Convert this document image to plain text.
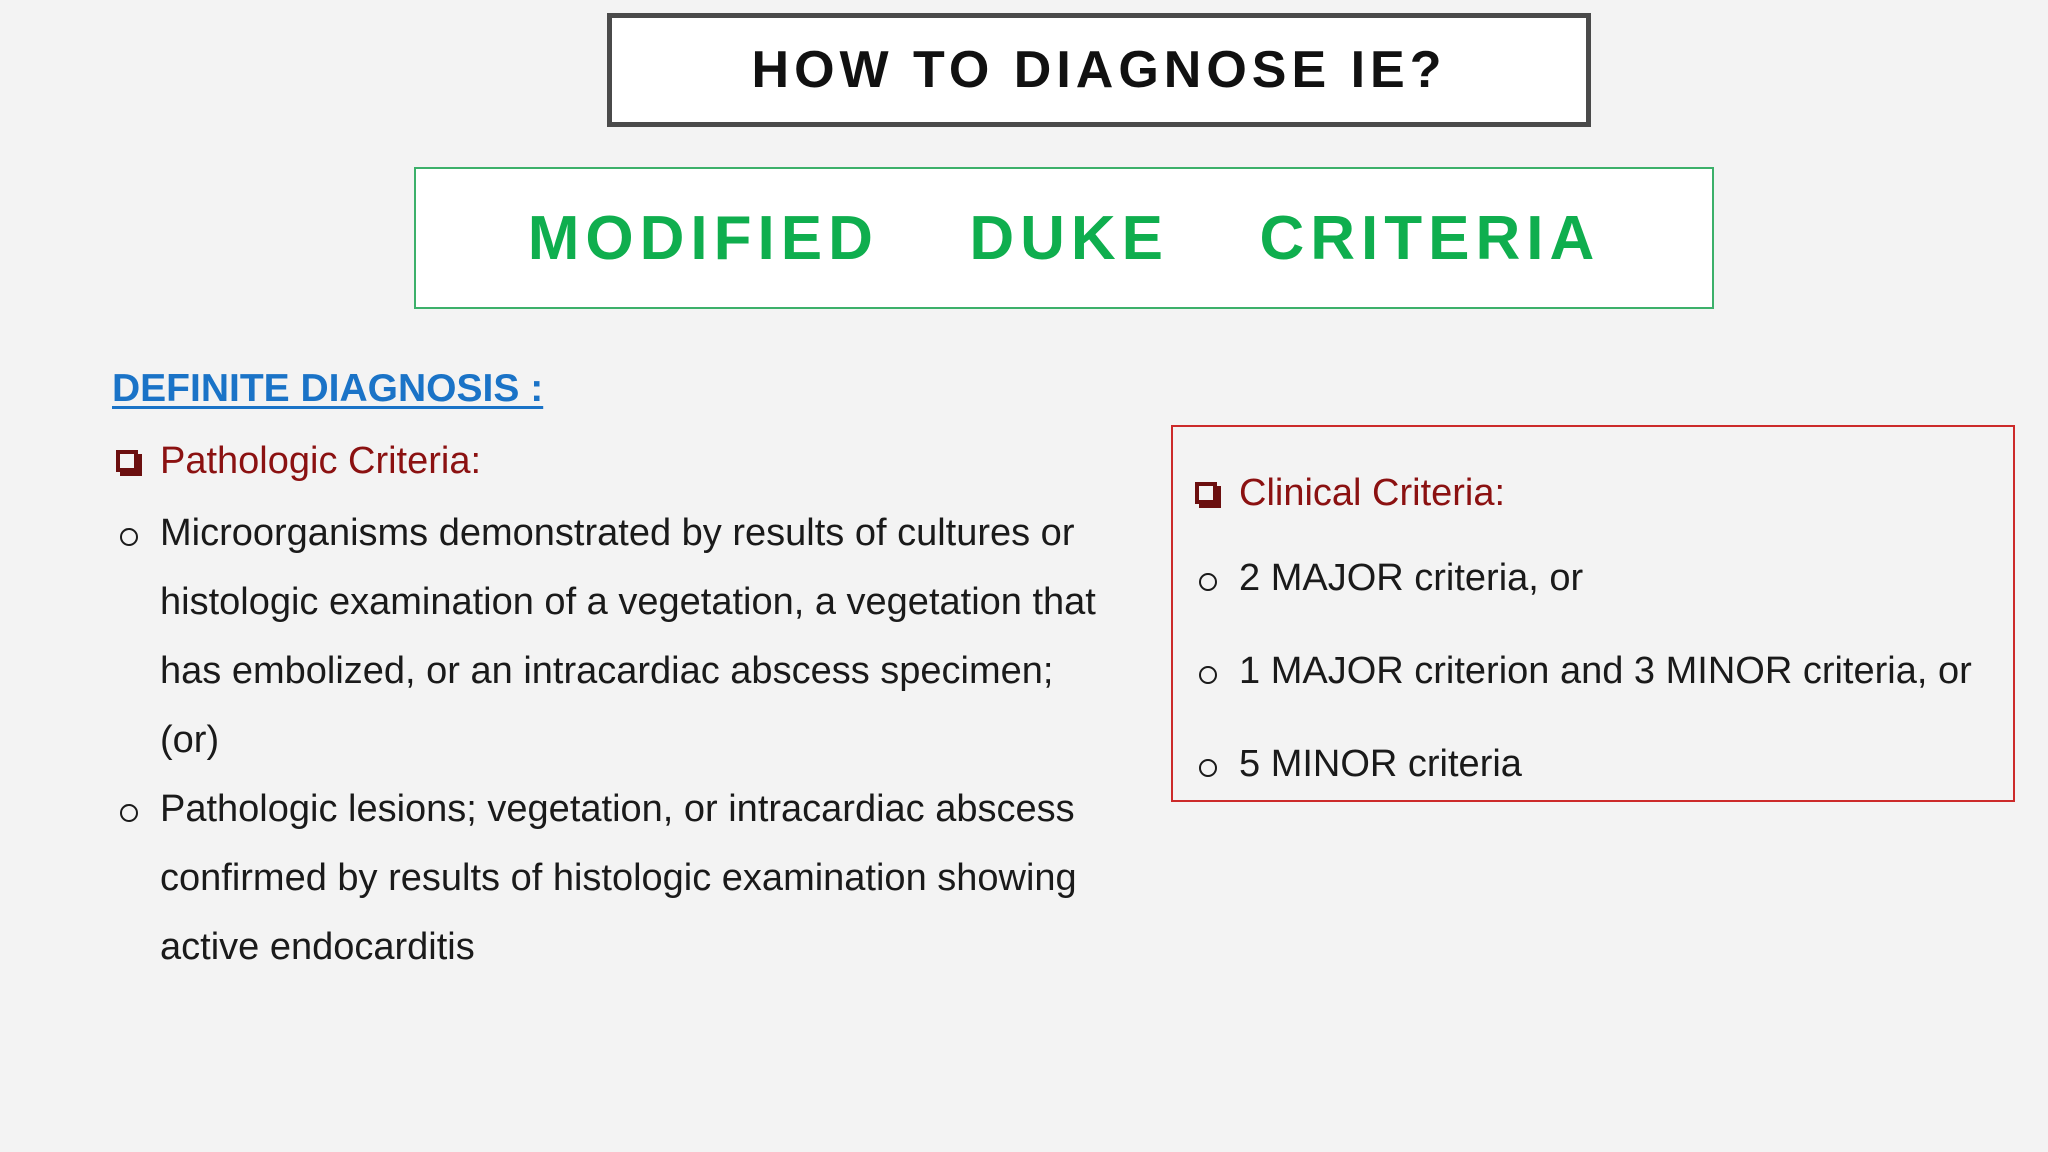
HOW TO DIAGNOSE IE?
MODIFIED  DUKE  CRITERIA
DEFINITE DIAGNOSIS :
Pathologic Criteria:
Microorganisms demonstrated by results of cultures or histologic examination of a vegetation, a vegetation that has embolized, or an intracardiac abscess specimen; (or)
Pathologic lesions; vegetation, or intracardiac abscess confirmed by results of histologic examination showing active endocarditis
Clinical Criteria:
2 MAJOR criteria, or
1 MAJOR criterion and 3 MINOR criteria, or
5 MINOR criteria
